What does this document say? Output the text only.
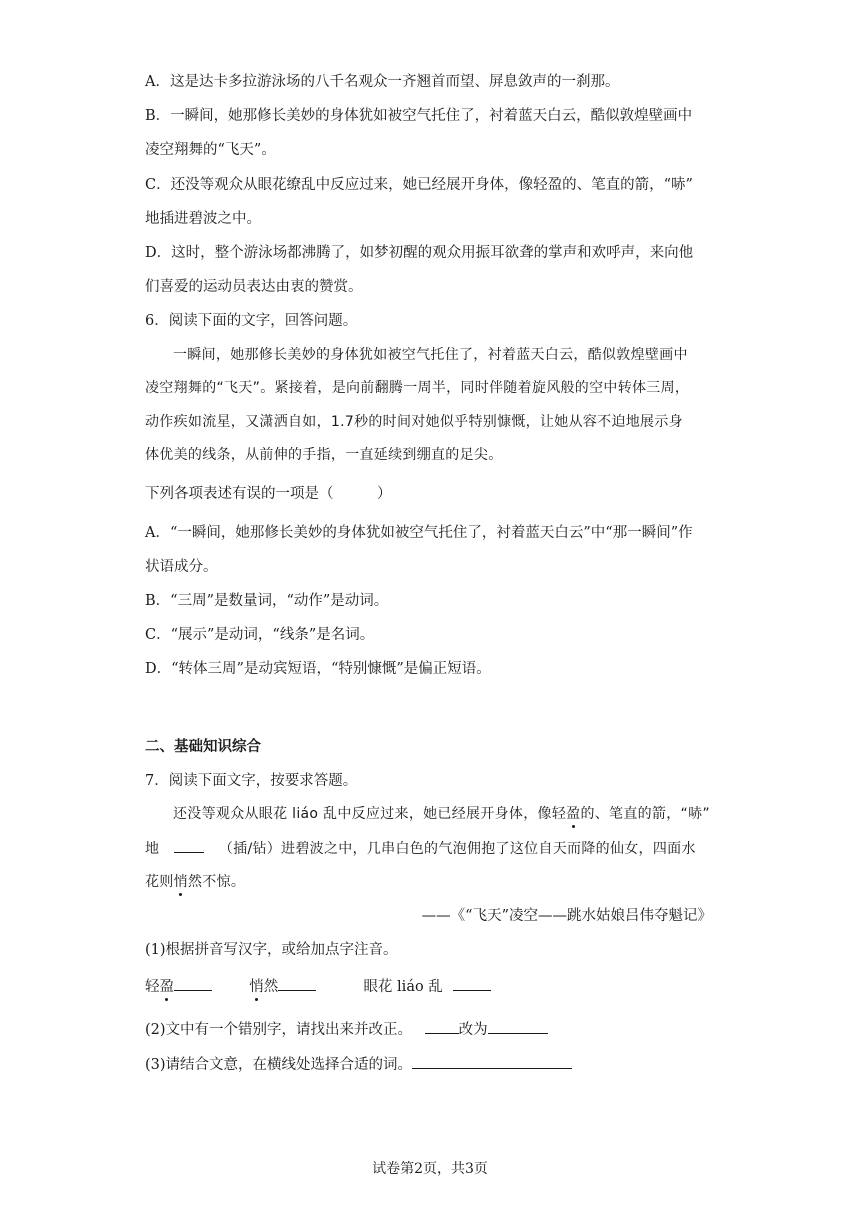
A．这是达卡多拉游泳场的八千名观众一齐翘首而望、屏息敛声的一刹那。
B．一瞬间，她那修长美妙的身体犹如被空气托住了，衬着蓝天白云，酷似敦煌壁画中
凌空翔舞的“飞天”。
C．还没等观众从眼花缭乱中反应过来，她已经展开身体，像轻盈的、笔直的箭，“哧”
地插进碧波之中。
D．这时，整个游泳场都沸腾了，如梦初醒的观众用振耳欲聋的掌声和欢呼声，来向他
们喜爱的运动员表达由衷的赞赏。
6．阅读下面的文字，回答问题。
一瞬间，她那修长美妙的身体犹如被空气托住了，衬着蓝天白云，酷似敦煌壁画中
凌空翔舞的“飞天”。紧接着，是向前翻腾一周半，同时伴随着旋风般的空中转体三周，
动作疾如流星，又潇洒自如，1.7秒的时间对她似乎特别慷慨，让她从容不迫地展示身
体优美的线条，从前伸的手指，一直延续到绷直的足尖。
下列各项表述有误的一项是（　　　）
A．“一瞬间，她那修长美妙的身体犹如被空气托住了，衬着蓝天白云”中“那一瞬间”作
状语成分。
B．“三周”是数量词，“动作”是动词。
C．“展示”是动词，“线条”是名词。
D．“转体三周”是动宾短语，“特别慷慨”是偏正短语。
二、基础知识综合
7．阅读下面文字，按要求答题。
还没等观众从眼花 liáo 乱中反应过来，她已经展开身体，像轻盈的、笔直的箭，“哧”
地	（插/钻）进碧波之中，几串白色的气泡佣抱了这位自天而降的仙女，四面水
花则悄然不惊。
——《“飞天”凌空——跳水姑娘吕伟夺魁记》
(1)根据拼音写汉字，或给加点字注音。
轻盈	悄然	眼花 liáo 乱
(2)文中有一个错别字，请找出来并改正。	改为
(3)请结合文意，在横线处选择合适的词。
试卷第2页，共3页
